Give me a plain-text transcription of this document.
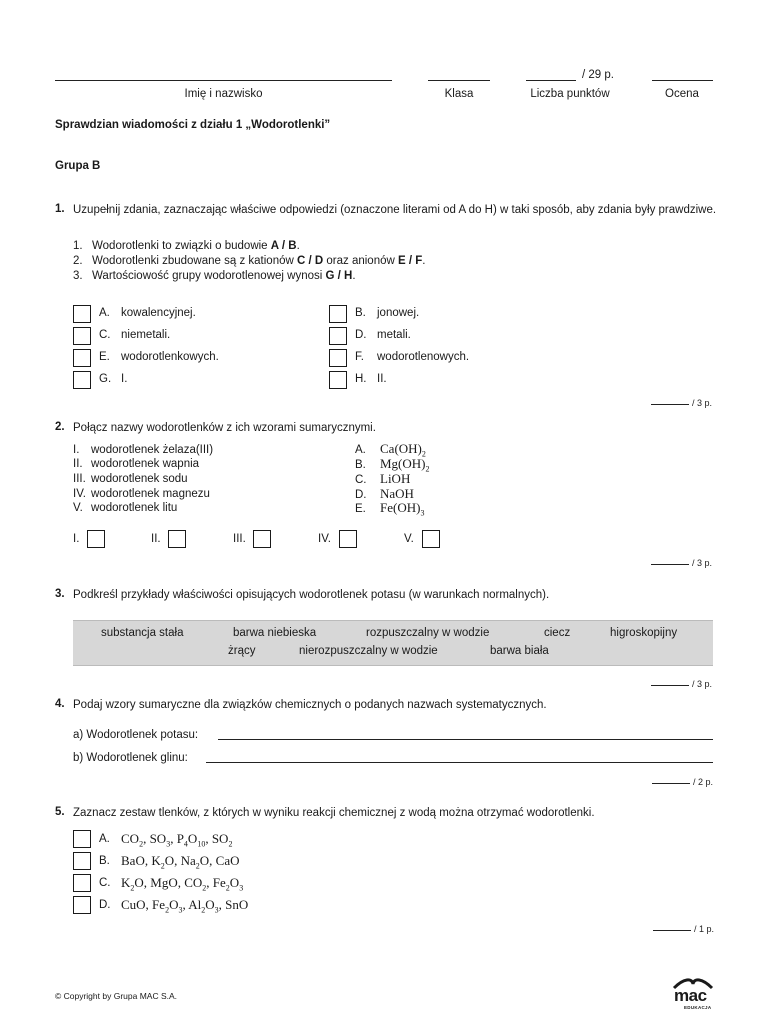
/ 29 p.
Imię i nazwisko	Klasa	Liczba punktów	Ocena
Sprawdzian wiadomości z działu 1 „Wodorotlenki”
Grupa B
1. Uzupełnij zdania, zaznaczając właściwe odpowiedzi (oznaczone literami od A do H) w taki sposób, aby zdania były prawdziwe.
1. Wodorotlenki to związki o budowie A / B.
2. Wodorotlenki zbudowane są z kationów C / D oraz anionów E / F.
3. Wartościowość grupy wodorotlenowej wynosi G / H.
A. kowalencyjnej.
C. niemetali.
E. wodorotlenkowych.
G. I.
B. jonowej.
D. metali.
F. wodorotlenowych.
H. II.
/ 3 p.
2. Połącz nazwy wodorotlenków z ich wzorami sumarycznymi.
I. wodorotlenek żelaza(III)
II. wodorotlenek wapnia
III. wodorotlenek sodu
IV. wodorotlenek magnezu
V. wodorotlenek litu
A. $Ca(OH)_2$
B. $Mg(OH)_2$
C. LiOH
D. NaOH
E. $Fe(OH)_3$
I.	II.	III.	IV.	V.
/ 3 p.
3. Podkreśl przykłady właściwości opisujących wodorotlenek potasu (w warunkach normalnych).
substancja stała	barwa niebieska	rozpuszczalny w wodzie	ciecz	higroskopijny
żrący	nierozpuszczalny w wodzie	barwa biała
/ 3 p.
4. Podaj wzory sumaryczne dla związków chemicznych o podanych nazwach systematycznych.
a) Wodorotlenek potasu:
b) Wodorotlenek glinu:
/ 2 p.
5. Zaznacz zestaw tlenków, z których w wyniku reakcji chemicznej z wodą można otrzymać wodorotlenki.
A. $CO_2$, $SO_3$, $P_4O_{10}$, $SO_2$
B. BaO, $K_2O$, $Na_2O$, CaO
C. $K_2O$, MgO, $CO_2$, $Fe_2O_3$
D. CuO, $Fe_2O_3$, $Al_2O_3$, SnO
/ 1 p.
© Copyright by Grupa MAC S.A.	mac
EDUKACJA
